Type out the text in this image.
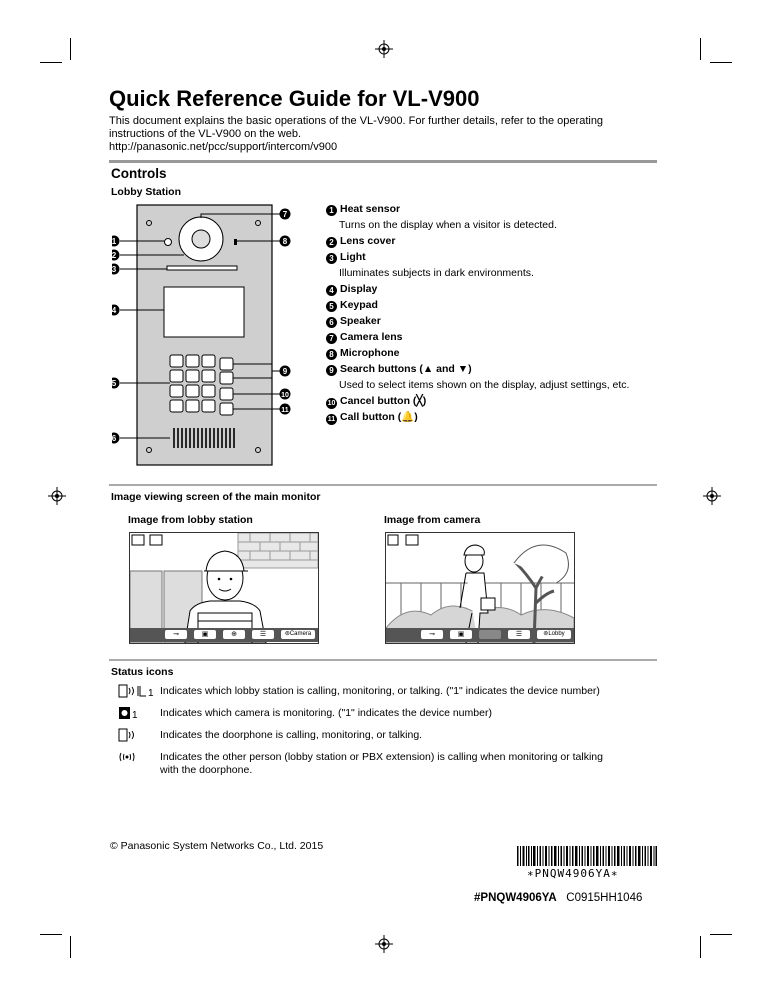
Quick Reference Guide for VL-V900
This document explains the basic operations of the VL-V900. For further details, refer to the operating
instructions of the VL-V900 on the web.
http://panasonic.net/pcc/support/intercom/v900
Controls
Lobby Station
1
2
3
4
5
6
7
8
9
10
11
1 Heat sensor
Turns on the display when a visitor is detected.
2 Lens cover
3 Light
Illuminates subjects in dark environments.
4 Display
5 Keypad
6 Speaker
7 Camera lens
8 Microphone
9 Search buttons (▲ and ▼)
Used to select items shown on the display, adjust settings, etc.
10 Cancel button (╳)
11 Call button (🔔)
Image viewing screen of the main monitor
Image from lobby station	Image from camera
⊸	▣	⊕	☰	⊚Camera	⊸	▣	☰	⊚Lobby
Status icons
1 Indicates which lobby station is calling, monitoring, or talking. ("1" indicates the device number)
1 Indicates which camera is monitoring. ("1" indicates the device number)
Indicates the doorphone is calling, monitoring, or talking.
Indicates the other person (lobby station or PBX extension) is calling when monitoring or talking
with the doorphone.
© Panasonic System Networks Co., Ltd. 2015
∗PNQW4906YA∗
#PNQW4906YA C0915HH1046
